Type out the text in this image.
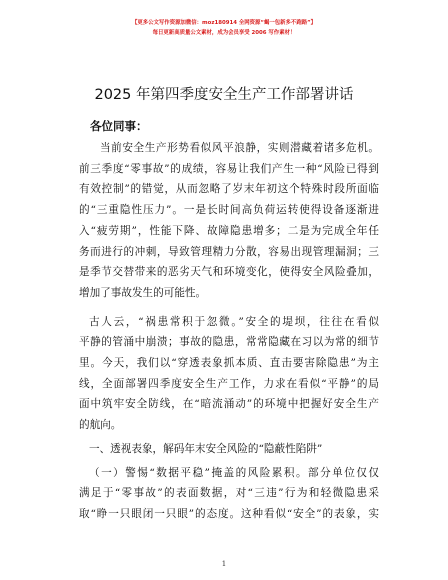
【更多公文写作资源加微信：moz180914 全网资源“蝎一包新多不跑路”】
每日更新高质量公文素材，成为会员享受 2006 写作素材！
2025 年第四季度安全生产工作部署讲话
各位同事：
当前安全生产形势看似风平浪静，实则潜藏着诸多危机。
前三季度“零事故”的成绩，容易让我们产生一种“风险已得到
有效控制”的错觉，从而忽略了岁末年初这个特殊时段所面临
的“三重隐性压力”。一是长时间高负荷运转使得设备逐渐进
入“疲劳期”，性能下降、故障隐患增多；二是为完成全年任
务而进行的冲刺，导致管理精力分散，容易出现管理漏洞；三
是季节交替带来的恶劣天气和环境变化，使得安全风险叠加，
增加了事故发生的可能性。
古人云，“祸患常积于忽微。”安全的堤坝，往往在看似
平静的管涌中崩溃；事故的隐患，常常隐藏在习以为常的细节
里。今天，我们以“穿透表象抓本质、直击要害除隐患”为主
线，全面部署四季度安全生产工作，力求在看似“平静”的局
面中筑牢安全防线，在“暗流涌动”的环境中把握好安全生产
的航向。
一、透视表象，解码年末安全风险的“隐蔽性陷阱”
（一）警惕“数据平稳”掩盖的风险累积。部分单位仅仅
满足于“零事故”的表面数据，对“三违”行为和轻微隐患采
取“睁一只眼闭一只眼”的态度。这种看似“安全”的表象，实
1
